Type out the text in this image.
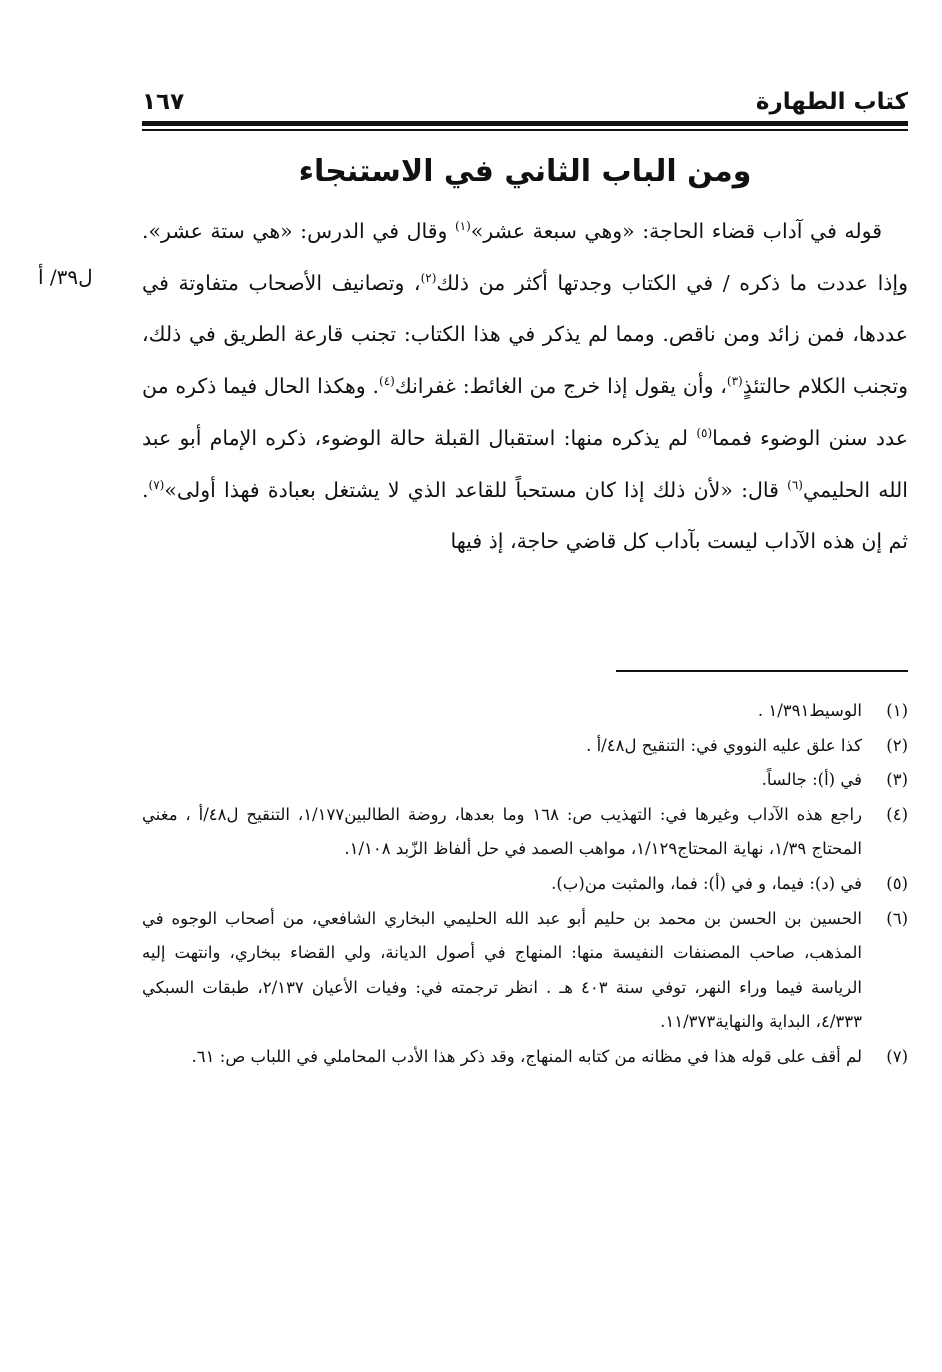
كتاب الطهارة
١٦٧
ومن الباب الثاني في الاستنجاء
ل٣٩/ أ

قوله في آداب قضاء الحاجة: «وهي سبعة عشر»$^{(١)}$ وقال في الدرس: «هي ستة عشر». وإذا عددت ما ذكره / في الكتاب وجدتها أكثر من ذلك$^{(٢)}$، وتصانيف الأصحاب متفاوتة في عددها، فمن زائد ومن ناقص. ومما لم يذكر في هذا الكتاب: تجنب قارعة الطريق في ذلك، وتجنب الكلام حالتئذٍ$^{(٣)}$، وأن يقول إذا خرج من الغائط: غفرانك$^{(٤)}$. وهكذا الحال فيما ذكره من عدد سنن الوضوء فمما$^{(٥)}$ لم يذكره منها: استقبال القبلة حالة الوضوء، ذكره الإمام أبو عبد الله الحليمي$^{(٦)}$ قال: «لأن ذلك إذا كان مستحباً للقاعد الذي لا يشتغل بعبادة فهذا أولى»$^{(٧)}$. ثم إن هذه الآداب ليست بآداب كل قاضي حاجة، إذ فيها

(١)
الوسيط١/٣٩١ .
(٢)
كذا علق عليه النووي في: التنقيح ل٤٨/أ .
(٣)
في (أ): جالساً.
(٤)
راجع هذه الآداب وغيرها في: التهذيب ص: ١٦٨ وما بعدها، روضة الطالبين١/١٧٧، التنقيح ل٤٨/أ ، مغني المحتاج ١/٣٩، نهاية المحتاج١/١٢٩، مواهب الصمد في حل ألفاظ الزّبد ١/١٠٨.
(٥)
في (د): فيما، و في (أ): فما، والمثبت من(ب).
(٦)
الحسين بن الحسن بن محمد بن حليم أبو عبد الله الحليمي البخاري الشافعي، من أصحاب الوجوه في المذهب، صاحب المصنفات النفيسة منها: المنهاج في أصول الديانة، ولي القضاء ببخاري، وانتهت إليه الرياسة فيما وراء النهر، توفي سنة ٤٠٣ هـ . انظر ترجمته في: وفيات الأعيان ٢/١٣٧، طبقات السبكي ٤/٣٣٣، البداية والنهاية١١/٣٧٣.
(٧)
لم أقف على قوله هذا في مظانه من كتابه المنهاج، وقد ذكر هذا الأدب المحاملي في اللباب ص: ٦١.
